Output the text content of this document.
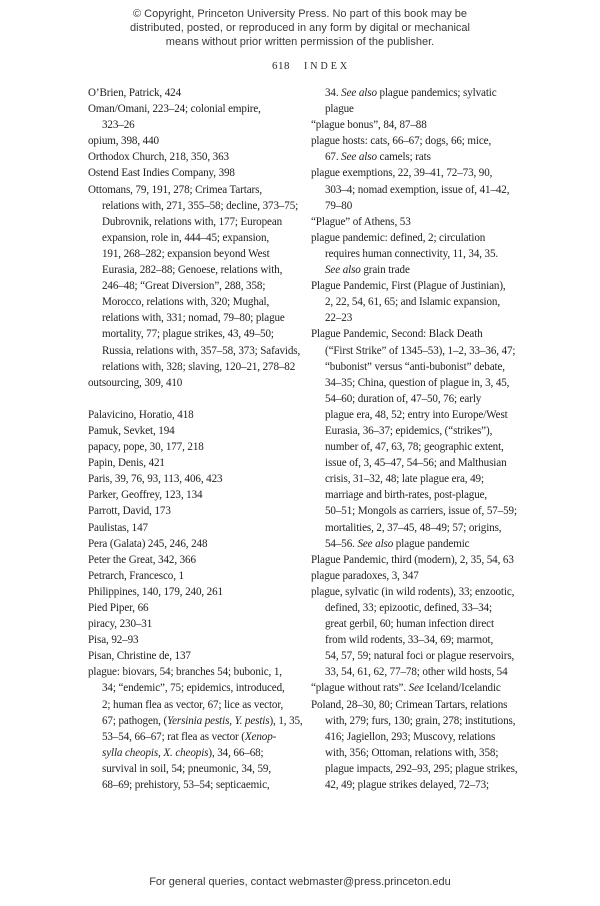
© Copyright, Princeton University Press. No part of this book may be
distributed, posted, or reproduced in any form by digital or mechanical
means without prior written permission of the publisher.
618 INDEX
O’Brien, Patrick, 424
Oman/Omani, 223–24; colonial empire,
323–26
opium, 398, 440
Orthodox Church, 218, 350, 363
Ostend East Indies Company, 398
Ottomans, 79, 191, 278; Crimea Tartars,
relations with, 271, 355–58; decline, 373–75;
Dubrovnik, relations with, 177; European
expansion, role in, 444–45; expansion,
191, 268–282; expansion beyond West
Eurasia, 282–88; Genoese, relations with,
246–48; “Great Diversion”, 288, 358;
Morocco, relations with, 320; Mughal,
relations with, 331; nomad, 79–80; plague
mortality, 77; plague strikes, 43, 49–50;
Russia, relations with, 357–58, 373; Safavids,
relations with, 328; slaving, 120–21, 278–82
outsourcing, 309, 410
Palavicino, Horatio, 418
Pamuk, Sevket, 194
papacy, pope, 30, 177, 218
Papin, Denis, 421
Paris, 39, 76, 93, 113, 406, 423
Parker, Geoffrey, 123, 134
Parrott, David, 173
Paulistas, 147
Pera (Galata) 245, 246, 248
Peter the Great, 342, 366
Petrarch, Francesco, 1
Philippines, 140, 179, 240, 261
Pied Piper, 66
piracy, 230–31
Pisa, 92–93
Pisan, Christine de, 137
plague: biovars, 54; branches 54; bubonic, 1,
34; “endemic”, 75; epidemics, introduced,
2; human flea as vector, 67; lice as vector,
67; pathogen, (Yersinia pestis, Y. pestis), 1, 35,
53–54, 66–67; rat flea as vector (Xenop-
sylla cheopis, X. cheopis), 34, 66–68;
survival in soil, 54; pneumonic, 34, 59,
68–69; prehistory, 53–54; septicaemic,
34. See also plague pandemics; sylvatic
plague
“plague bonus”, 84, 87–88
plague hosts: cats, 66–67; dogs, 66; mice,
67. See also camels; rats
plague exemptions, 22, 39–41, 72–73, 90,
303–4; nomad exemption, issue of, 41–42,
79–80
“Plague” of Athens, 53
plague pandemic: defined, 2; circulation
requires human connectivity, 11, 34, 35.
See also grain trade
Plague Pandemic, First (Plague of Justinian),
2, 22, 54, 61, 65; and Islamic expansion,
22–23
Plague Pandemic, Second: Black Death
(“First Strike” of 1345–53), 1–2, 33–36, 47;
“bubonist” versus “anti-bubonist” debate,
34–35; China, question of plague in, 3, 45,
54–60; duration of, 47–50, 76; early
plague era, 48, 52; entry into Europe/West
Eurasia, 36–37; epidemics, (“strikes”),
number of, 47, 63, 78; geographic extent,
issue of, 3, 45–47, 54–56; and Malthusian
crisis, 31–32, 48; late plague era, 49;
marriage and birth-rates, post-plague,
50–51; Mongols as carriers, issue of, 57–59;
mortalities, 2, 37–45, 48–49; 57; origins,
54–56. See also plague pandemic
Plague Pandemic, third (modern), 2, 35, 54, 63
plague paradoxes, 3, 347
plague, sylvatic (in wild rodents), 33; enzootic,
defined, 33; epizootic, defined, 33–34;
great gerbil, 60; human infection direct
from wild rodents, 33–34, 69; marmot,
54, 57, 59; natural foci or plague reservoirs,
33, 54, 61, 62, 77–78; other wild hosts, 54
“plague without rats”. See Iceland/Icelandic
Poland, 28–30, 80; Crimean Tartars, relations
with, 279; furs, 130; grain, 278; institutions,
416; Jagiellon, 293; Muscovy, relations
with, 356; Ottoman, relations with, 358;
plague impacts, 292–93, 295; plague strikes,
42, 49; plague strikes delayed, 72–73;
For general queries, contact webmaster@press.princeton.edu
